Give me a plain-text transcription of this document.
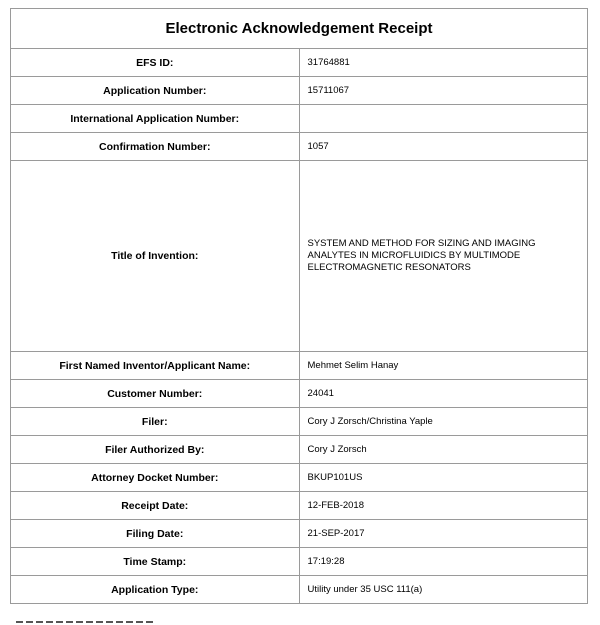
Electronic Acknowledgement Receipt	
EFS ID:	31764881
Application Number:	15711067
International Application Number:	
Confirmation Number:	1057
Title of Invention:	SYSTEM AND METHOD FOR SIZING AND IMAGING ANALYTES IN MICROFLUIDICS BY MULTIMODE ELECTROMAGNETIC RESONATORS
First Named Inventor/Applicant Name:	Mehmet Selim Hanay
Customer Number:	24041
Filer:	Cory J Zorsch/Christina Yaple
Filer Authorized By:	Cory J Zorsch
Attorney Docket Number:	BKUP101US
Receipt Date:	12-FEB-2018
Filing Date:	21-SEP-2017
Time Stamp:	17:19:28
Application Type:	Utility under 35 USC 111(a)
